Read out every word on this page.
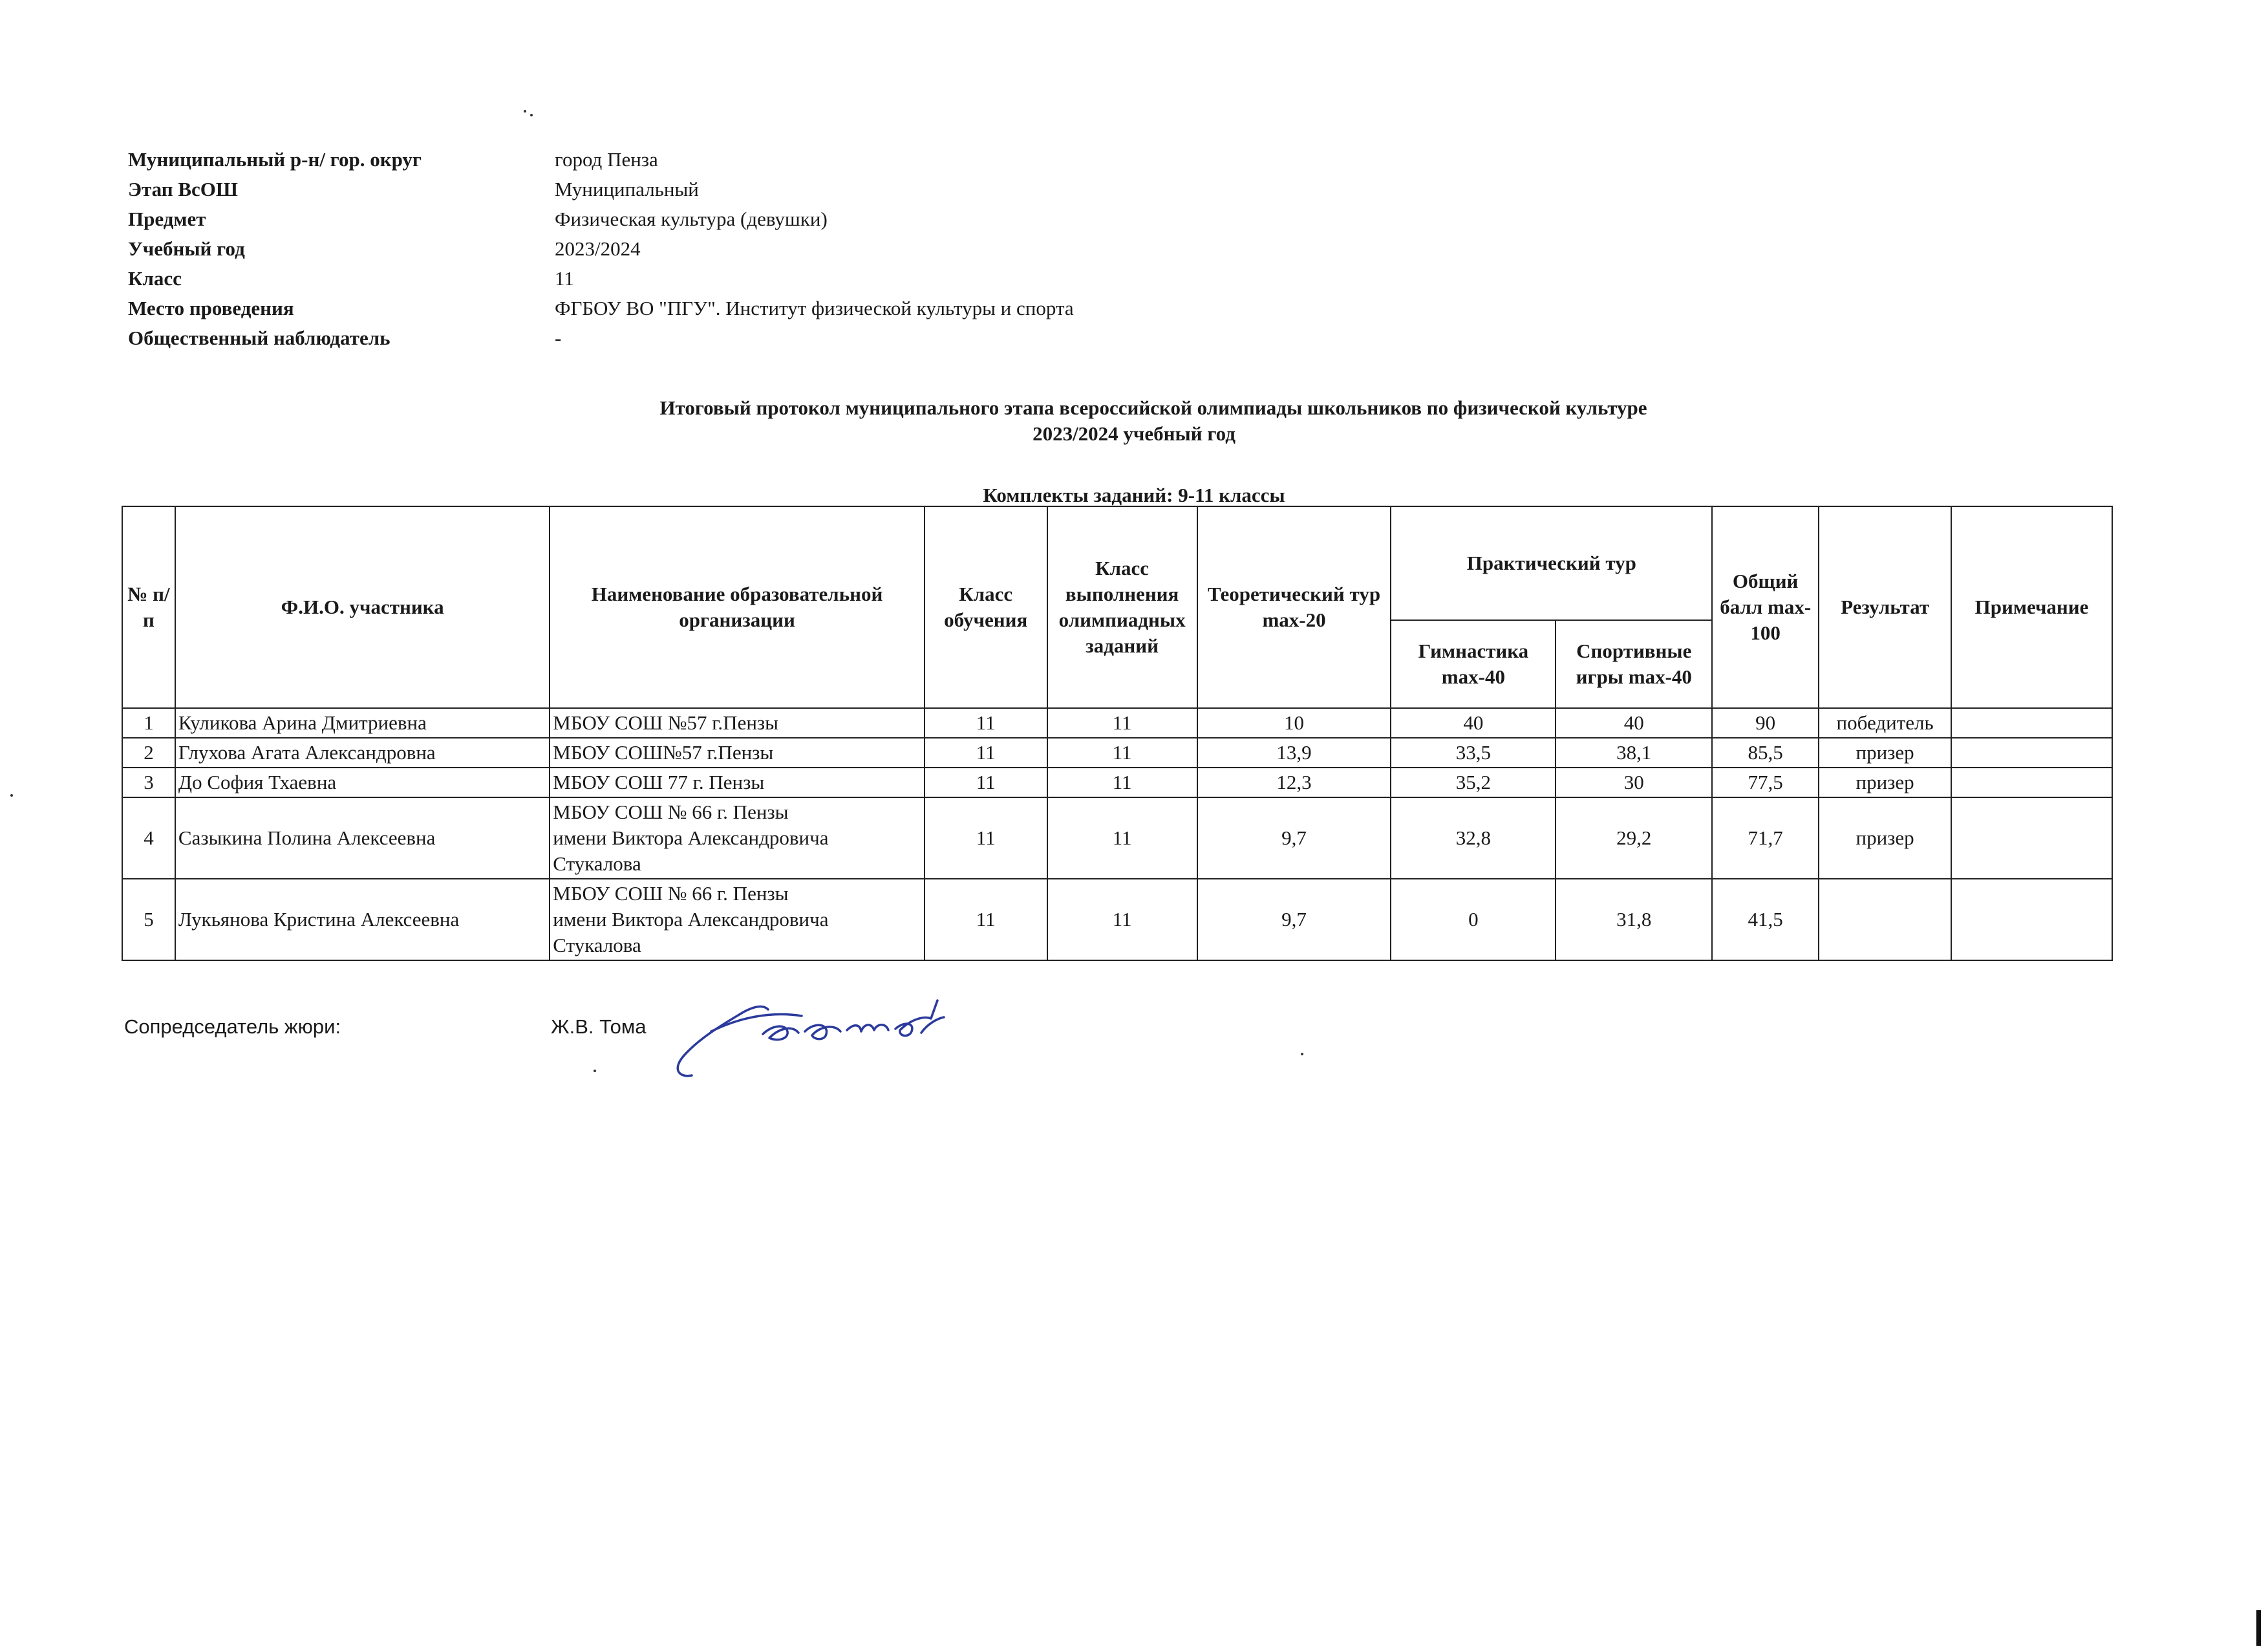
Муниципальный р-н/ гор. округ	город Пенза
Этап ВсОШ	Муниципальный
Предмет	Физическая культура (девушки)
Учебный год	2023/2024
Класс	11
Место проведения	ФГБОУ ВО "ПГУ". Институт физической культуры и спорта
Общественный наблюдатель	-
Итоговый протокол муниципального этапа всероссийской олимпиады школьников по физической культуре
2023/2024 учебный год
Комплекты заданий: 9-11 классы
№ п/п	Ф.И.О. участника	Наименование образовательной организации	Класс обучения	Класс выполнения олимпиадных заданий	Теоретический тур max-20	Практический тур		Общий балл max-100	Результат	Примечание
						Гимнастика max-40	Спортивные игры max-40			
1	Куликова Арина Дмитриевна	МБОУ СОШ №57 г.Пензы	11	11	10	40	40	90	победитель	
2	Глухова Агата Александровна	МБОУ СОШ№57 г.Пензы	11	11	13,9	33,5	38,1	85,5	призер	
3	До София Тхаевна	МБОУ СОШ 77 г. Пензы	11	11	12,3	35,2	30	77,5	призер	
4	Сазыкина Полина Алексеевна	МБОУ СОШ № 66 г. Пензы
имени Виктора Александровича
Стукалова	11	11	9,7	32,8	29,2	71,7	призер	
5	Лукьянова Кристина Алексеевна	МБОУ СОШ № 66 г. Пензы
имени Виктора Александровича
Стукалова	11	11	9,7	0	31,8	41,5		
Сопредседатель жюри:	Ж.В. Тома
